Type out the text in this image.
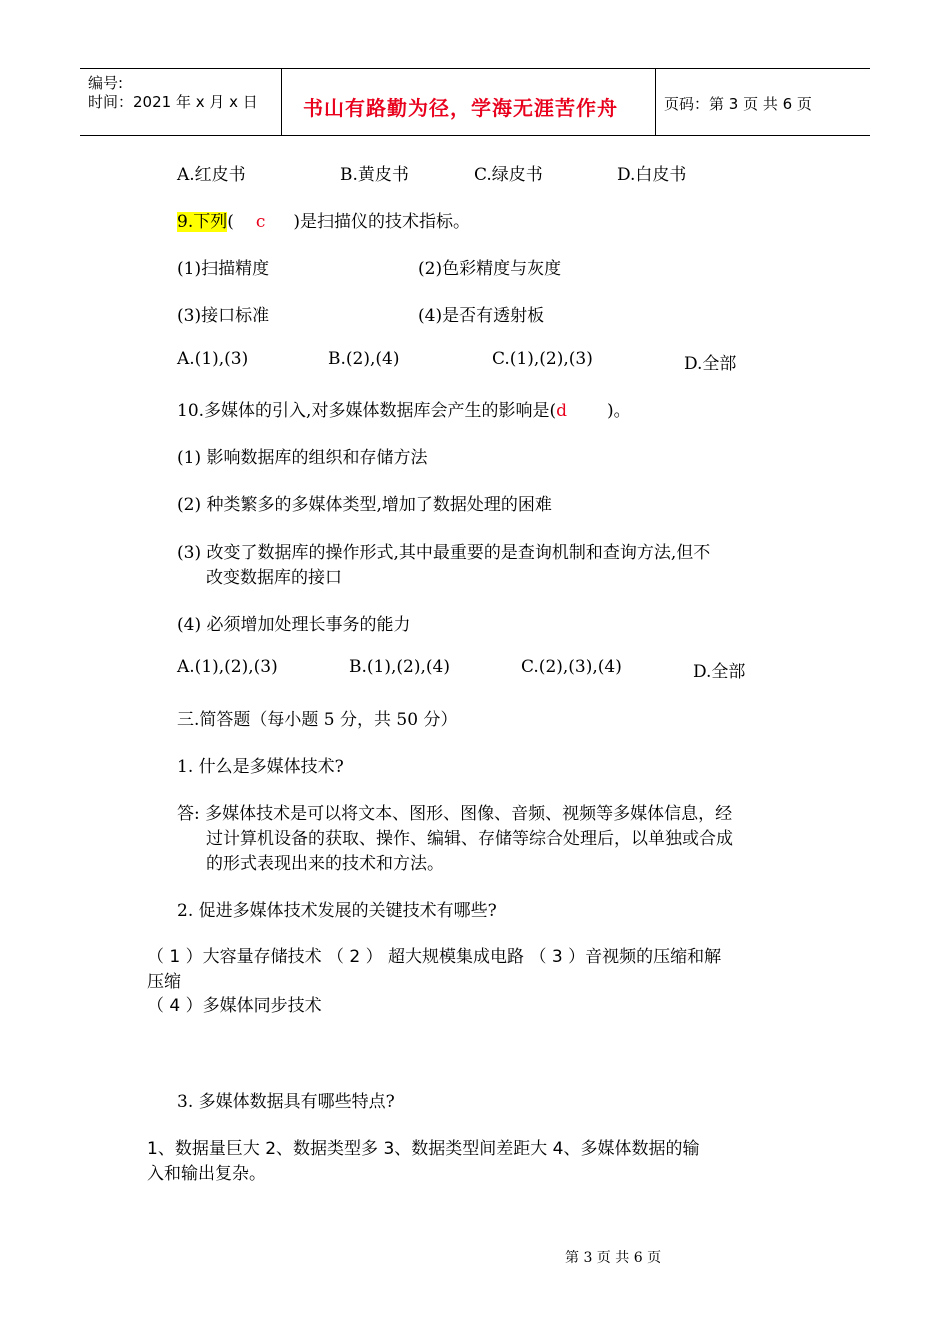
编号:
时间：2021 年 x 月 x 日 书山有路勤为径，学海无涯苦作舟	页码：第 3 页 共 6 页
A.红皮书	B.黄皮书	C.绿皮书	D.白皮书
9.下列( c )是扫描仪的技术指标。
(1)扫描精度	(2)色彩精度与灰度
(3)接口标准	(4)是否有透射板
A.(1),(3)	B.(2),(4)	C.(1),(2),(3)	D.全部
10.多媒体的引入,对多媒体数据库会产生的影响是(d )。
(1) 影响数据库的组织和存储方法
(2) 种类繁多的多媒体类型,增加了数据处理的困难
(3) 改变了数据库的操作形式,其中最重要的是查询机制和查询方法,但不
改变数据库的接口
(4) 必须增加处理长事务的能力
A.(1),(2),(3)	B.(1),(2),(4)	C.(2),(3),(4)	D.全部
三.简答题（每小题 5 分，共 50 分）
1. 什么是多媒体技术?
答: 多媒体技术是可以将文本、图形、图像、音频、视频等多媒体信息，经
过计算机设备的获取、操作、编辑、存储等综合处理后，以单独或合成
的形式表现出来的技术和方法。
2. 促进多媒体技术发展的关键技术有哪些?
（ 1 ）大容量存储技术 （ 2 ） 超大规模集成电路 （ 3 ）音视频的压缩和解
压缩
（ 4 ）多媒体同步技术
3. 多媒体数据具有哪些特点?
1、数据量巨大 2、数据类型多 3、数据类型间差距大 4、多媒体数据的输
入和输出复杂。
第 3 页 共 6 页
